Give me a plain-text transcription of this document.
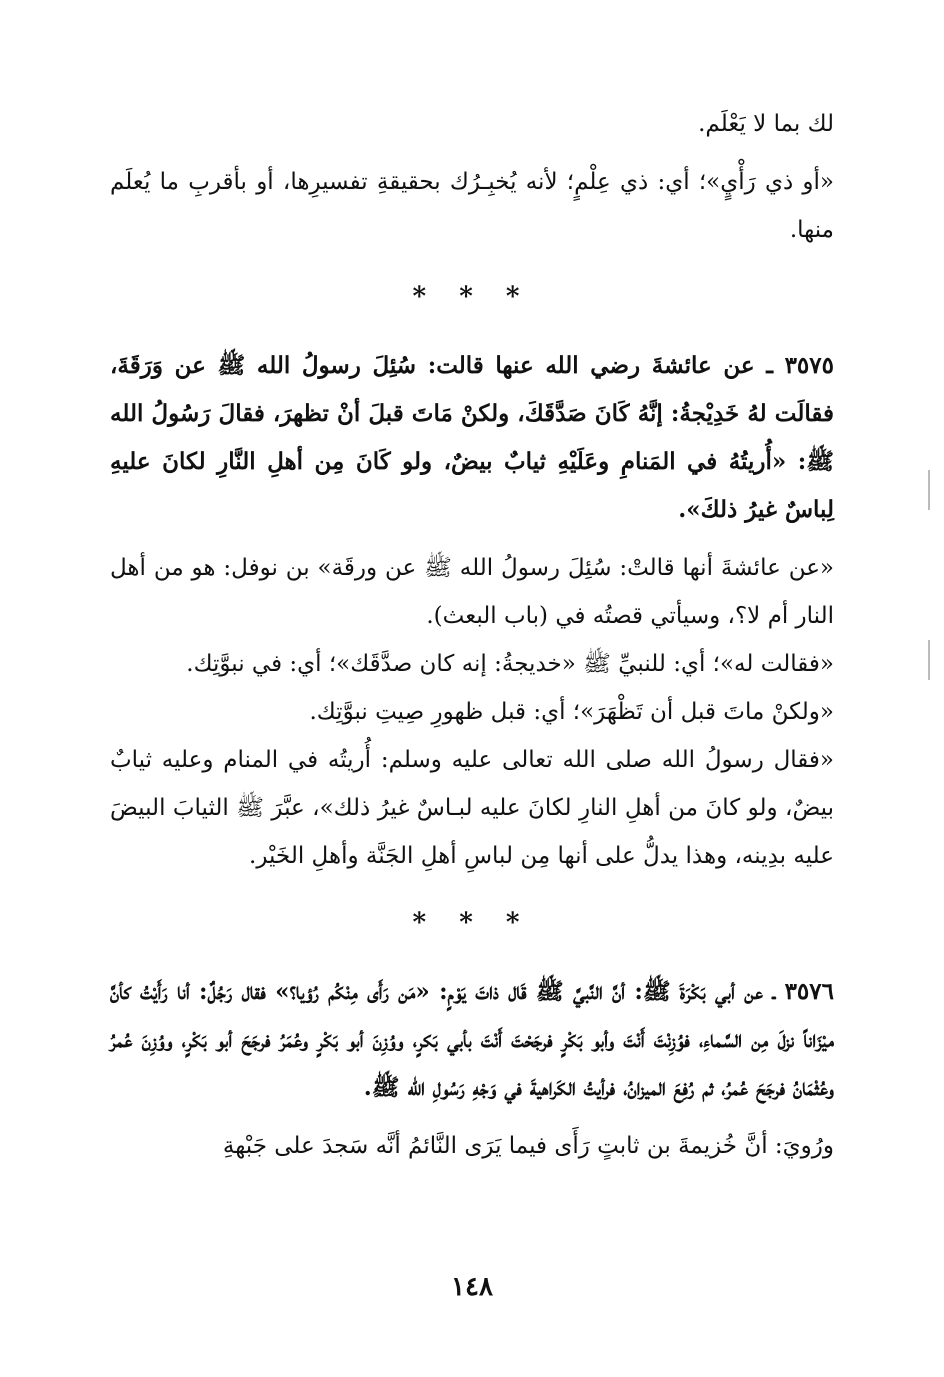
لك بما لا يَعْلَم.

«أو ذي رَأْيٍ»؛ أي: ذي عِلْمٍ؛ لأنه يُخبِـرُك بحقيقةِ تفسيرِها، أو بأقربِ ما يُعلَم منها.

* * *

٣٥٧٥ ـ عن عائشةَ رضي الله عنها قالت: سُئِلَ رسولُ الله ﷺ عن وَرَقَةَ، فقالَت لهُ خَدِيْجةُ: إنَّهُ كَانَ صَدَّقَكَ، ولكنْ مَاتَ قبلَ أنْ تظهرَ، فقالَ رَسُولُ الله ﷺ: «أُريتُهُ في المَنامِ وعَلَيْهِ ثيابٌ بيضٌ، ولو كَانَ مِن أهلِ النَّارِ لكانَ عليهِ لِباسٌ غيرُ ذلكَ».

«عن عائشةَ أنها قالتْ: سُئِلَ رسولُ الله ﷺ عن ورقَة» بن نوفل: هو من أهل النار أم لا؟، وسيأتي قصتُه في (باب البعث).

«فقالت له»؛ أي: للنبيِّ ﷺ «خديجةُ: إنه كان صدَّقَك»؛ أي: في نبوَّتِك.

«ولكنْ ماتَ قبل أن تَظْهَرَ»؛ أي: قبل ظهورِ صِيتِ نبوَّتِك.

«فقال رسولُ الله صلى الله تعالى عليه وسلم: أُريتُه في المنام وعليه ثيابٌ بيضٌ، ولو كانَ من أهلِ النارِ لكانَ عليه لبـاسٌ غيرُ ذلك»، عبَّرَ ﷺ الثيابَ البيضَ عليه بدِينه، وهذا يدلُّ على أنها مِن لباسِ أهلِ الجَنَّة وأهلِ الخَيْر.

* * *

٣٥٧٦ ـ عن أبي بَكْرَةَ ﷺ: أنَّ النَّبيَّ ﷺ قَال ذاتَ يَوْمٍ: «مَن رَأَى مِنْكُم رُؤيا؟» فقال رَجُلٌ: أنا رَأَيْتُ كأنَّ ميْزَاناً نزلَ مِن السَّماءِ، فوُزِنْتَ أَنْتَ وأبو بَكْرٍ فرجَحْتَ أَنْتَ بأبي بَكرٍ، ووُزِنَ أبو بَكْرٍ وعُمَرُ فرجَحَ أبو بَكْرٍ، ووُزِنَ عُمرُ وعُثْمَانُ فرجَحَ عُمرُ، ثم رُفِعَ الميزانُ، فرأيتُ الكَراهيةَ في وَجْهِ رَسُولِ الله ﷺ.

ورُويَ: أنَّ خُزيمةَ بن ثابتٍ رَأَى فيما يَرَى النَّائمُ أنَّه سَجدَ على جَبْهةِ

١٤٨
